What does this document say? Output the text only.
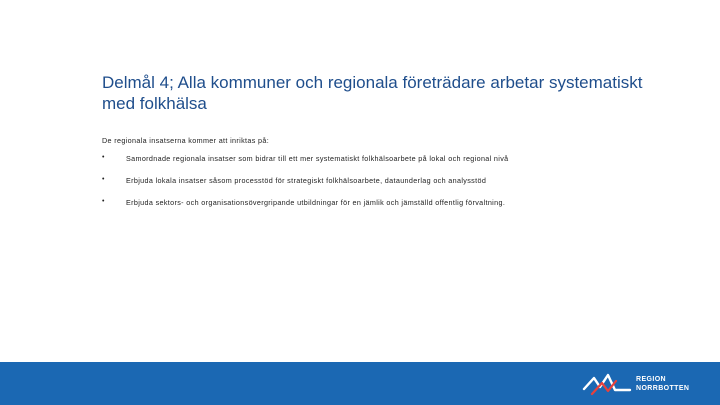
Delmål 4; Alla kommuner och regionala företrädare arbetar systematiskt med folkhälsa
De regionala insatserna kommer att inriktas på:
•	Samordnade regionala insatser som bidrar till ett mer systematiskt folkhälsoarbete på lokal och regional nivå
•	Erbjuda lokala insatser såsom processtöd för strategiskt folkhälsoarbete, dataunderlag och analysstöd
•	Erbjuda sektors- och organisationsövergripande utbildningar för en jämlik och jämställd offentlig förvaltning.
REGION
NORRBOTTEN
